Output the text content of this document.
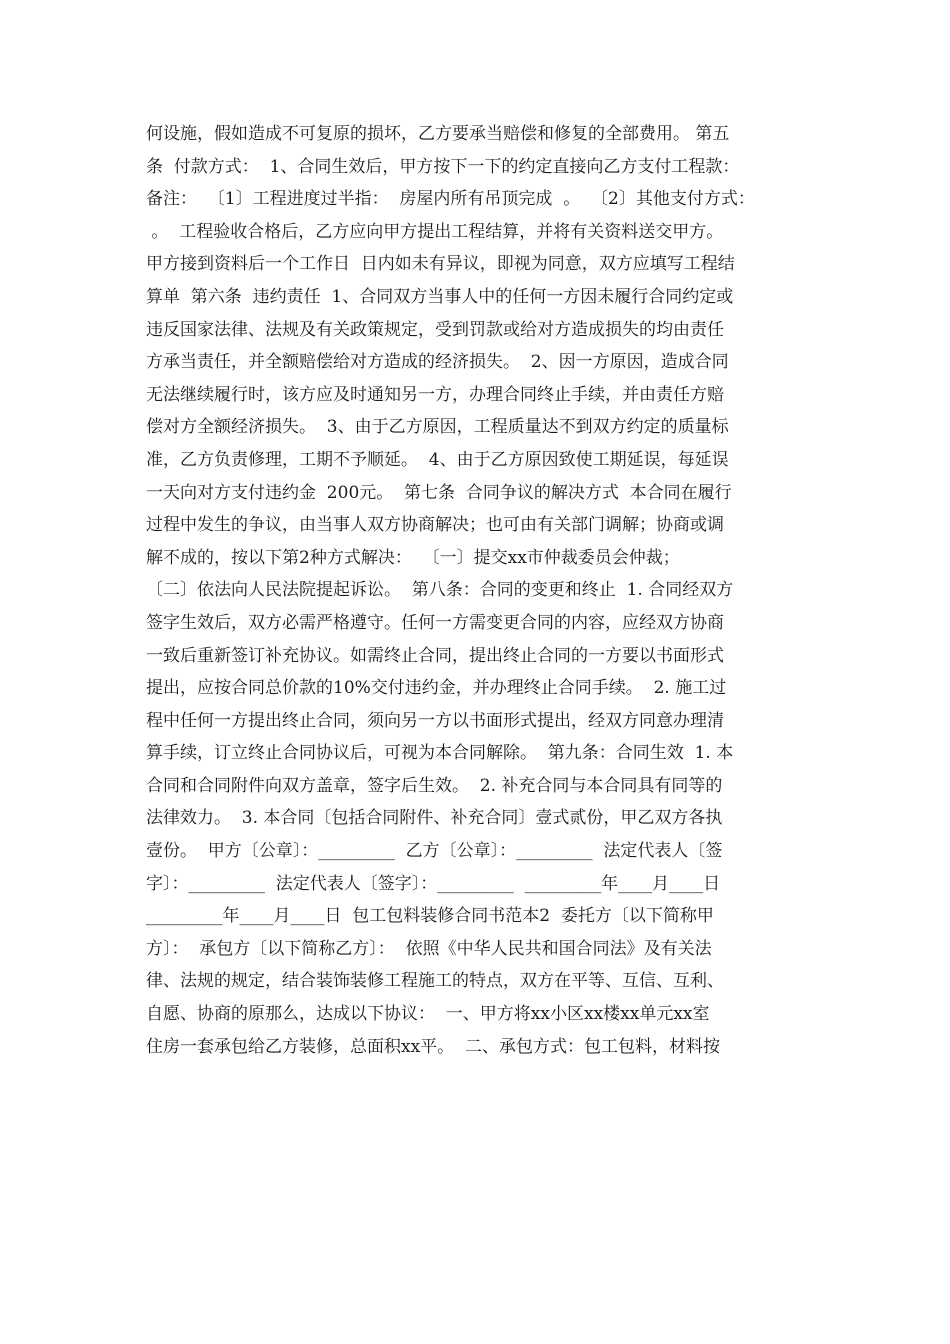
何设施，假如造成不可复原的损坏，乙方要承当赔偿和修复的全部费用。 第五
条  付款方式：  1、合同生效后，甲方按下一下的约定直接向乙方支付工程款：
备注：  〔1〕工程进度过半指：  房屋内所有吊顶完成  。  〔2〕其他支付方式：
。  工程验收合格后，乙方应向甲方提出工程结算，并将有关资料送交甲方。
甲方接到资料后一个工作日  日内如未有异议，即视为同意，双方应填写工程结
算单  第六条  违约责任  1、合同双方当事人中的任何一方因未履行合同约定或
违反国家法律、法规及有关政策规定，受到罚款或给对方造成损失的均由责任
方承当责任，并全额赔偿给对方造成的经济损失。  2、因一方原因，造成合同
无法继续履行时，该方应及时通知另一方，办理合同终止手续，并由责任方赔
偿对方全额经济损失。  3、由于乙方原因，工程质量达不到双方约定的质量标
准，乙方负责修理，工期不予顺延。  4、由于乙方原因致使工期延误，每延误
一天向对方支付违约金  200元。  第七条  合同争议的解决方式  本合同在履行
过程中发生的争议，由当事人双方协商解决；也可由有关部门调解；协商或调
解不成的，按以下第2种方式解决：  〔一〕提交xx市仲裁委员会仲裁；
〔二〕依法向人民法院提起诉讼。  第八条：合同的变更和终止  1. 合同经双方
签字生效后，双方必需严格遵守。任何一方需变更合同的内容，应经双方协商
一致后重新签订补充协议。如需终止合同，提出终止合同的一方要以书面形式
提出，应按合同总价款的10%交付违约金，并办理终止合同手续。  2. 施工过
程中任何一方提出终止合同，须向另一方以书面形式提出，经双方同意办理清
算手续，订立终止合同协议后，可视为本合同解除。  第九条：合同生效  1. 本
合同和合同附件向双方盖章，签字后生效。  2. 补充合同与本合同具有同等的
法律效力。  3. 本合同〔包括合同附件、补充合同〕壹式贰份，甲乙双方各执
壹份。  甲方〔公章〕：_________  乙方〔公章〕：_________  法定代表人〔签
字〕：_________  法定代表人〔签字〕：_________  _________年____月____日
_________年____月____日  包工包料装修合同书范本2  委托方〔以下简称甲
方〕：  承包方〔以下简称乙方〕：  依照《中华人民共和国合同法》及有关法
律、法规的规定，结合装饰装修工程施工的特点，双方在平等、互信、互利、
自愿、协商的原那么，达成以下协议：  一、甲方将xx小区xx楼xx单元xx室
住房一套承包给乙方装修，总面积xx平。  二、承包方式：包工包料，材料按
